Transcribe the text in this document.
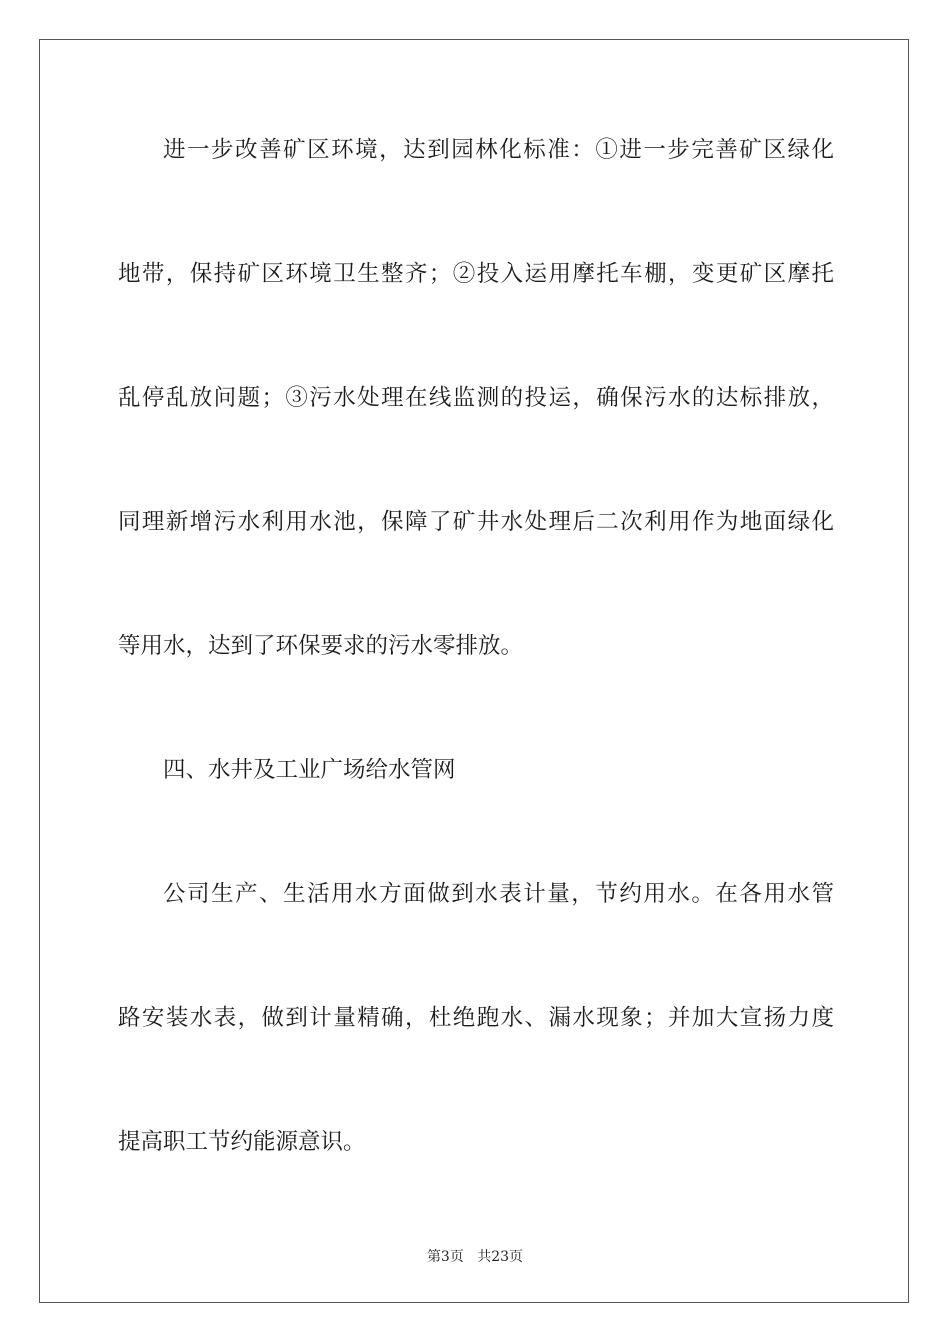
进一步改善矿区环境，达到园林化标准：①进一步完善矿区绿化
地带，保持矿区环境卫生整齐；②投入运用摩托车棚，变更矿区摩托
乱停乱放问题；③污水处理在线监测的投运，确保污水的达标排放，
同理新增污水利用水池，保障了矿井水处理后二次利用作为地面绿化
等用水，达到了环保要求的污水零排放。
四、水井及工业广场给水管网
公司生产、生活用水方面做到水表计量，节约用水。在各用水管
路安装水表，做到计量精确，杜绝跑水、漏水现象；并加大宣扬力度
提高职工节约能源意识。
第3页 共23页
